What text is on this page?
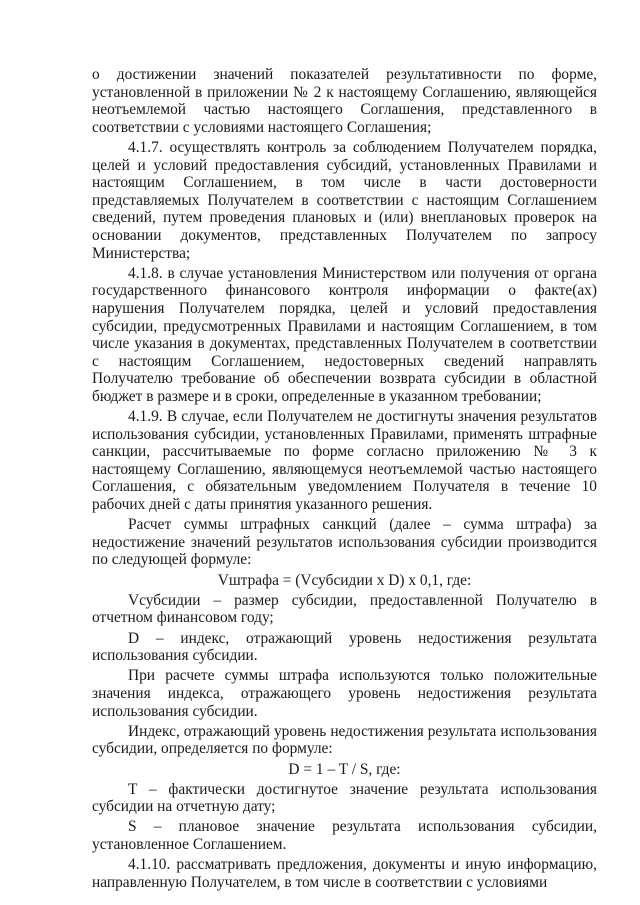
о достижении значений показателей результативности по форме, установленной в приложении № 2 к настоящему Соглашению, являющейся неотъемлемой частью настоящего Соглашения, представленного в соответствии с условиями настоящего Соглашения;

4.1.7. осуществлять контроль за соблюдением Получателем порядка, целей и условий предоставления субсидий, установленных Правилами и настоящим Соглашением, в том числе в части достоверности представляемых Получателем в соответствии с настоящим Соглашением сведений, путем проведения плановых и (или) внеплановых проверок на основании документов, представленных Получателем по запросу Министерства;

4.1.8. в случае установления Министерством или получения от органа государственного финансового контроля информации о факте(ах) нарушения Получателем порядка, целей и условий предоставления субсидии, предусмотренных Правилами и настоящим Соглашением, в том числе указания в документах, представленных Получателем в соответствии с настоящим Соглашением, недостоверных сведений направлять Получателю требование об обеспечении возврата субсидии в областной бюджет в размере и в сроки, определенные в указанном требовании;

4.1.9. В случае, если Получателем не достигнуты значения результатов использования субсидии, установленных Правилами, применять штрафные санкции, рассчитываемые по форме согласно приложению № 3 к настоящему Соглашению, являющемуся неотъемлемой частью настоящего Соглашения, с обязательным уведомлением Получателя в течение 10 рабочих дней с даты принятия указанного решения.

Расчет суммы штрафных санкций (далее – сумма штрафа) за недостижение значений результатов использования субсидии производится по следующей формуле:

Vштрафа = (Vсубсидии x D) x 0,1, где:

Vсубсидии – размер субсидии, предоставленной Получателю в отчетном финансовом году;

D – индекс, отражающий уровень недостижения результата использования субсидии.

При расчете суммы штрафа используются только положительные значения индекса, отражающего уровень недостижения результата использования субсидии.

Индекс, отражающий уровень недостижения результата использования субсидии, определяется по формуле:

D = 1 – T / S, где:

T – фактически достигнутое значение результата использования субсидии на отчетную дату;

S – плановое значение результата использования субсидии, установленное Соглашением.

4.1.10. рассматривать предложения, документы и иную информацию, направленную Получателем, в том числе в соответствии с условиями
